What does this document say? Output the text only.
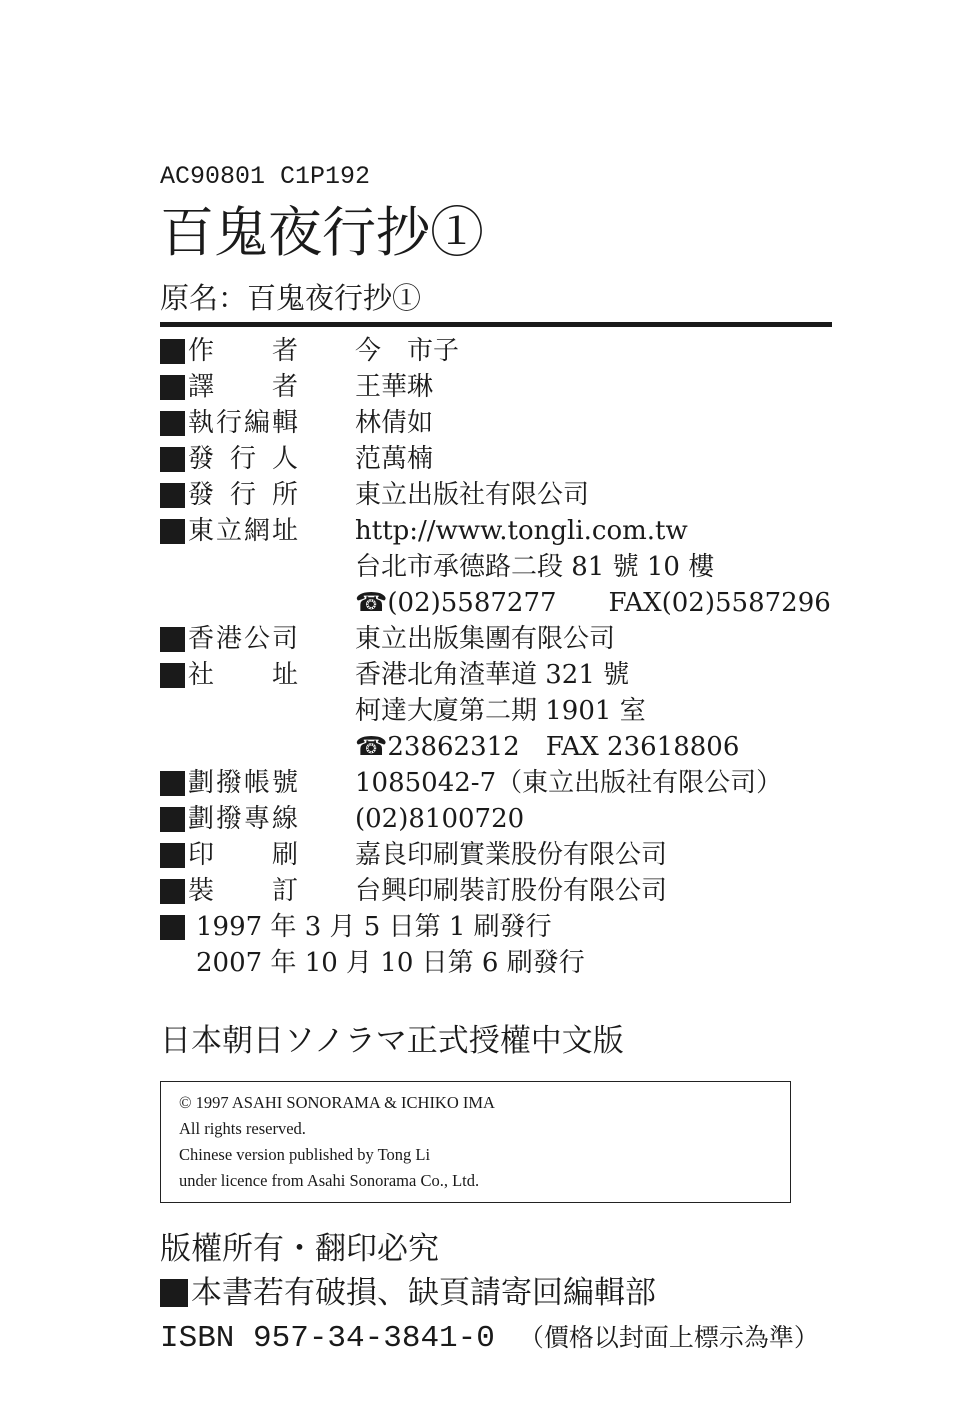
AC90801 C1P192
百鬼夜行抄①
原名：百鬼夜行抄①
作者 今　市子
譯者 王華琳
執行編輯 林倩如
發行人 范萬楠
發行所 東立出版社有限公司
東立網址 http://www.tongli.com.tw
台北市承德路二段 81 號 10 樓
☎(02)5587277　　FAX(02)5587296
香港公司 東立出版集團有限公司
社址 香港北角渣華道 321 號
柯達大廈第二期 1901 室
☎23862312　FAX 23618806
劃撥帳號 1085042-7（東立出版社有限公司）
劃撥專線 (02)8100720
印刷 嘉良印刷實業股份有限公司
裝訂 台興印刷裝訂股份有限公司
1997 年 3 月 5 日第 1 刷發行
2007 年 10 月 10 日第 6 刷發行
日本朝日ソノラマ正式授權中文版
© 1997 ASAHI SONORAMA & ICHIKO IMA
All rights reserved.
Chinese version published by Tong Li
under licence from Asahi Sonorama Co., Ltd.
版權所有・翻印必究
本書若有破損、缺頁請寄回編輯部
ISBN 957-34-3841-0 （價格以封面上標示為準）
